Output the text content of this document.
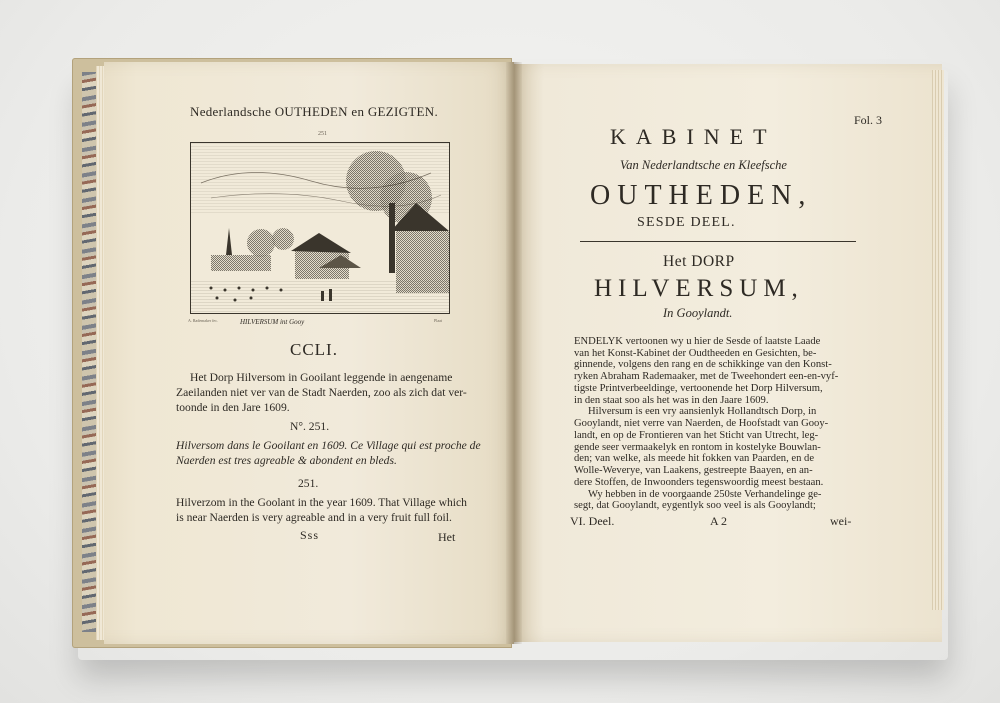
Nederlandsche OUTHEDEN en GEZIGTEN.
251
A. Rademaker fec.	HILVERSUM int Gooy	Plaat
CCLI.
Het Dorp Hilversom in Gooilant leggende in aengename
Zaeilanden niet ver van de Stadt Naerden, zoo als zich dat ver-
toonde in den Jare 1609.
N°. 251.
Hilversom dans le Gooilant en 1609. Ce Village qui est proche de
Naerden est tres agreable & abondent en bleds.
251.
Hilverzom in the Goolant in the year 1609. That Village which
is near Naerden is very agreable and in a very fruit full foil.
Sss	Het
Fol. 3
KABINET
Van Nederlandtsche en Kleefsche
OUTHEDEN,
SESDE DEEL.
Het DORP
HILVERSUM,
In Gooylandt.
ENDELYK vertoonen wy u hier de Sesde of laatste Laade
van het Konst-Kabinet der Oudtheeden en Gesichten, be-
ginnende, volgens den rang en de schikkinge van den Konst-
ryken Abraham Rademaaker, met de Tweehondert een-en-vyf-
tigste Printverbeeldinge, vertoonende het Dorp Hilversum,
in den staat soo als het was in den Jaare 1609.
Hilversum is een vry aansienlyk Hollandtsch Dorp, in
Gooylandt, niet verre van Naerden, de Hoofstadt van Gooy-
landt, en op de Frontieren van het Sticht van Utrecht, leg-
gende seer vermaakelyk en rontom in kostelyke Bouwlan-
den; van welke, als meede hit fokken van Paarden, en de
Wolle-Weverye, van Laakens, gestreepte Baayen, en an-
dere Stoffen, de Inwoonders tegenswoordig meest bestaan.
Wy hebben in de voorgaande 250ste Verhandelinge ge-
segt, dat Gooylandt, eygentlyk soo veel is als Gooylandt;
VI. Deel.	A 2	wei-
